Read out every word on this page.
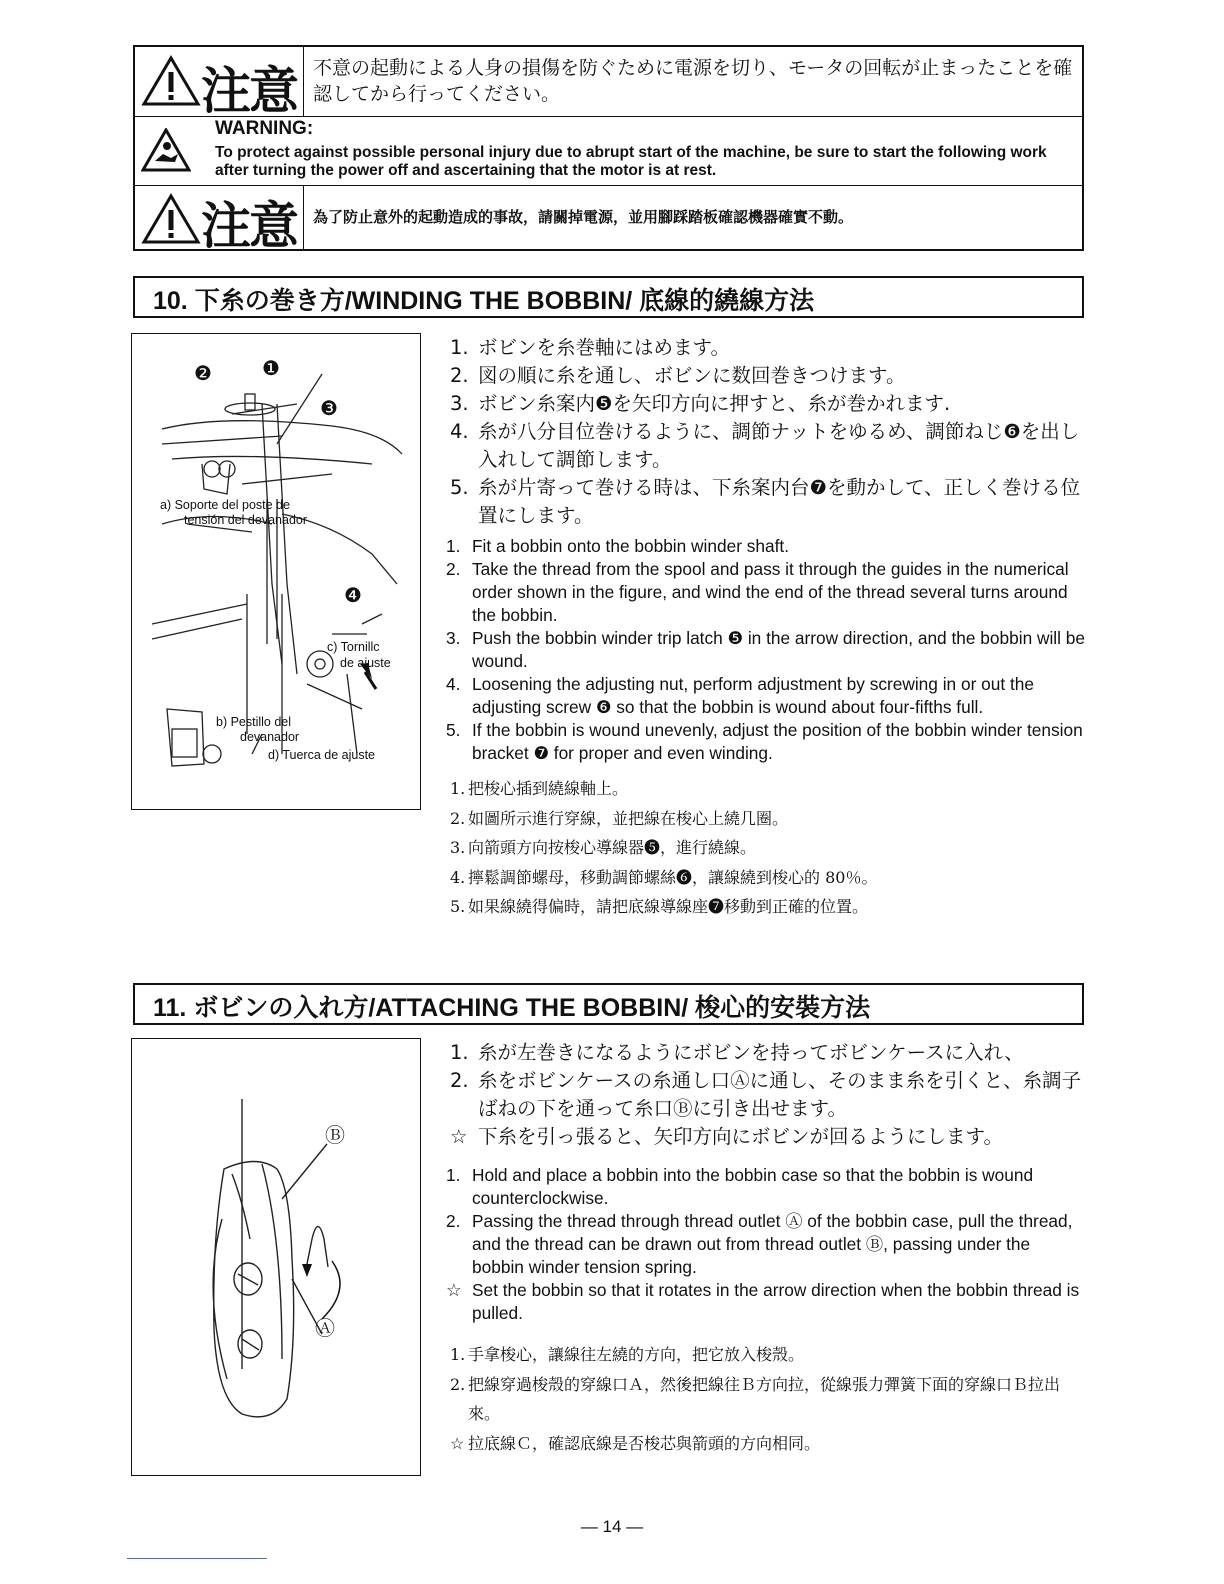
注意 不意の起動による人身の損傷を防ぐために電源を切り、モータの回転が止まったことを確認してから行ってください。
WARNING:
To protect against possible personal injury due to abrupt start of the machine, be sure to start the following work after turning the power off and ascertaining that the motor is at rest.
注意 為了防止意外的起動造成的事故，請關掉電源，並用腳踩踏板確認機器確實不動。
10. 下糸の巻き方/WINDING THE BOBBIN/ 底線的繞線方法
❷	❶
❸
❹
a) Soporte del poste de
tensión del devanador
c) Tornillc
de ajuste
b) Pestillo del
devanador
d) Tuerca de ajuste
1. ボビンを糸巻軸にはめます。
2. 図の順に糸を通し、ボビンに数回巻きつけます。
3. ボビン糸案内❺を矢印方向に押すと、糸が巻かれます.
4. 糸が八分目位巻けるように、調節ナットをゆるめ、調節ねじ❻を出し入れして調節します。
5. 糸が片寄って巻ける時は、下糸案内台❼を動かして、正しく巻ける位置にします。
1. Fit a bobbin onto the bobbin winder shaft.
2. Take the thread from the spool and pass it through the guides in the numerical order shown in the figure, and wind the end of the thread several turns around the bobbin.
3. Push the bobbin winder trip latch ❺ in the arrow direction, and the bobbin will be wound.
4. Loosening the adjusting nut, perform adjustment by screwing in or out the adjusting screw ❻ so that the bobbin is wound about four-fifths full.
5. If the bobbin is wound unevenly, adjust the position of the bobbin winder tension bracket ❼ for proper and even winding.
1. 把梭心插到繞線軸上。
2. 如圖所示進行穿線，並把線在梭心上繞几圈。
3. 向箭頭方向按梭心導線器❺，進行繞線。
4. 擰鬆調節螺母，移動調節螺絲❻，讓線繞到梭心的 80％。
5. 如果線繞得偏時，請把底線導線座❼移動到正確的位置。
11. ボビンの入れ方/ATTACHING THE BOBBIN/ 梭心的安裝方法
Ⓑ
Ⓐ
1. 糸が左巻きになるようにボビンを持ってボビンケースに入れ、
2. 糸をボビンケースの糸通し口Ⓐに通し、そのまま糸を引くと、糸調子ばねの下を通って糸口Ⓑに引き出せます。
☆ 下糸を引っ張ると、矢印方向にボビンが回るようにします。
1. Hold and place a bobbin into the bobbin case so that the bobbin is wound counterclockwise.
2. Passing the thread through thread outlet Ⓐ of the bobbin case, pull the thread, and the thread can be drawn out from thread outlet Ⓑ, passing under the bobbin winder tension spring.
☆ Set the bobbin so that it rotates in the arrow direction when the bobbin thread is pulled.
1. 手拿梭心，讓線往左繞的方向，把它放入梭殼。
2. 把線穿過梭殼的穿線口Ａ，然後把線往Ｂ方向拉，從線張力彈簧下面的穿線口Ｂ拉出來。
☆ 拉底線Ｃ，確認底線是否梭芯與箭頭的方向相同。
— 14 —
